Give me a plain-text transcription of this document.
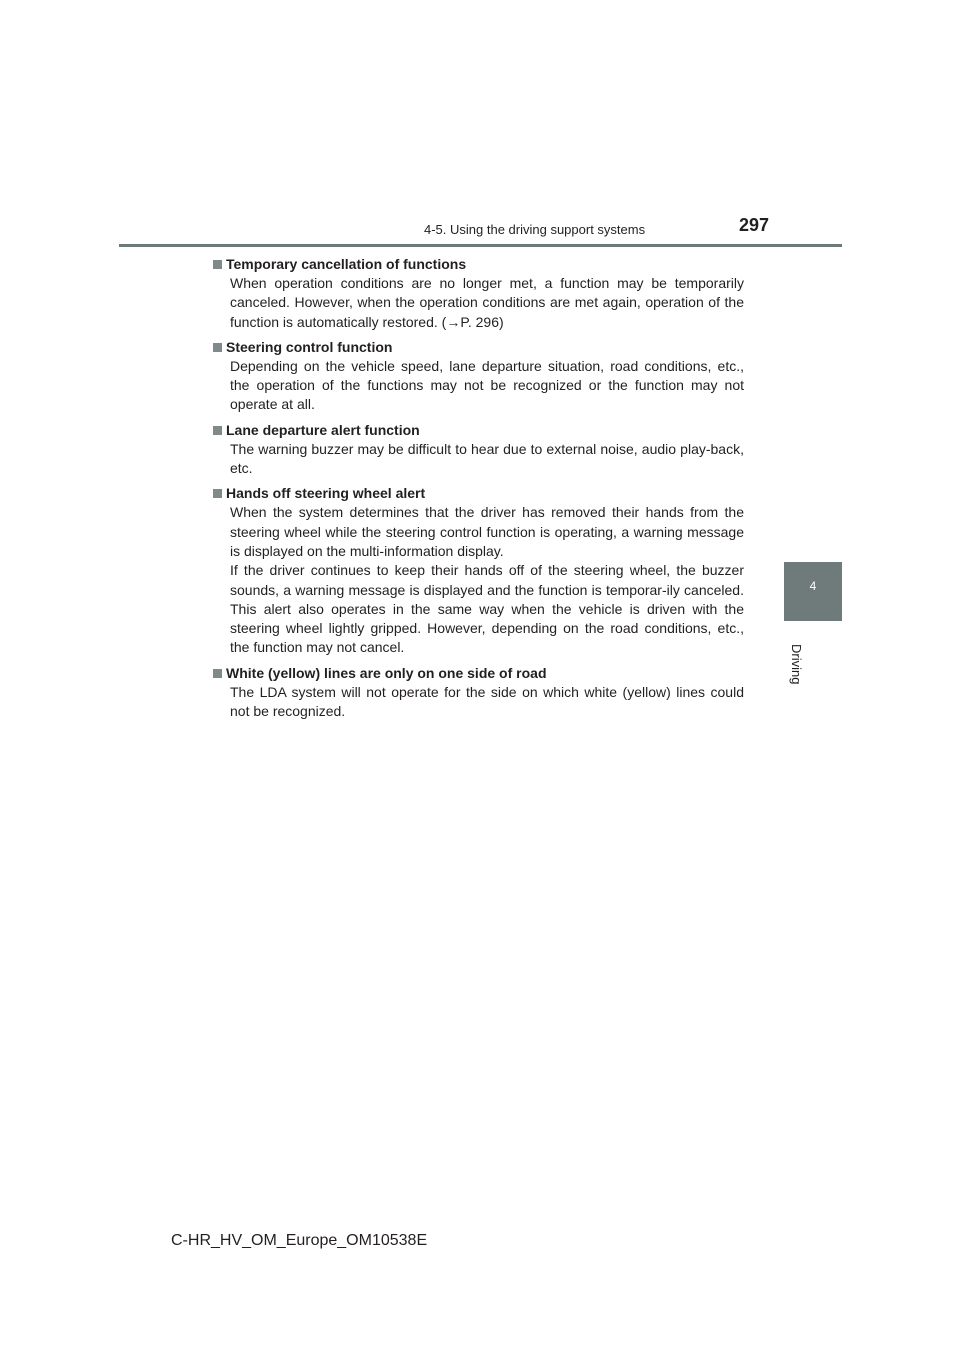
4-5. Using the driving support systems	297
4
Driving
Temporary cancellation of functions

When operation conditions are no longer met, a function may be temporarily canceled. However, when the operation conditions are met again, operation of the function is automatically restored. (→P. 296)

Steering control function

Depending on the vehicle speed, lane departure situation, road conditions, etc., the operation of the functions may not be recognized or the function may not operate at all.

Lane departure alert function

The warning buzzer may be difficult to hear due to external noise, audio play-back, etc.

Hands off steering wheel alert

When the system determines that the driver has removed their hands from the steering wheel while the steering control function is operating, a warning message is displayed on the multi-information display.

If the driver continues to keep their hands off of the steering wheel, the buzzer sounds, a warning message is displayed and the function is temporar-ily canceled. This alert also operates in the same way when the vehicle is driven with the steering wheel lightly gripped. However, depending on the road conditions, etc., the function may not cancel.

White (yellow) lines are only on one side of road

The LDA system will not operate for the side on which white (yellow) lines could not be recognized.

C-HR_HV_OM_Europe_OM10538E
